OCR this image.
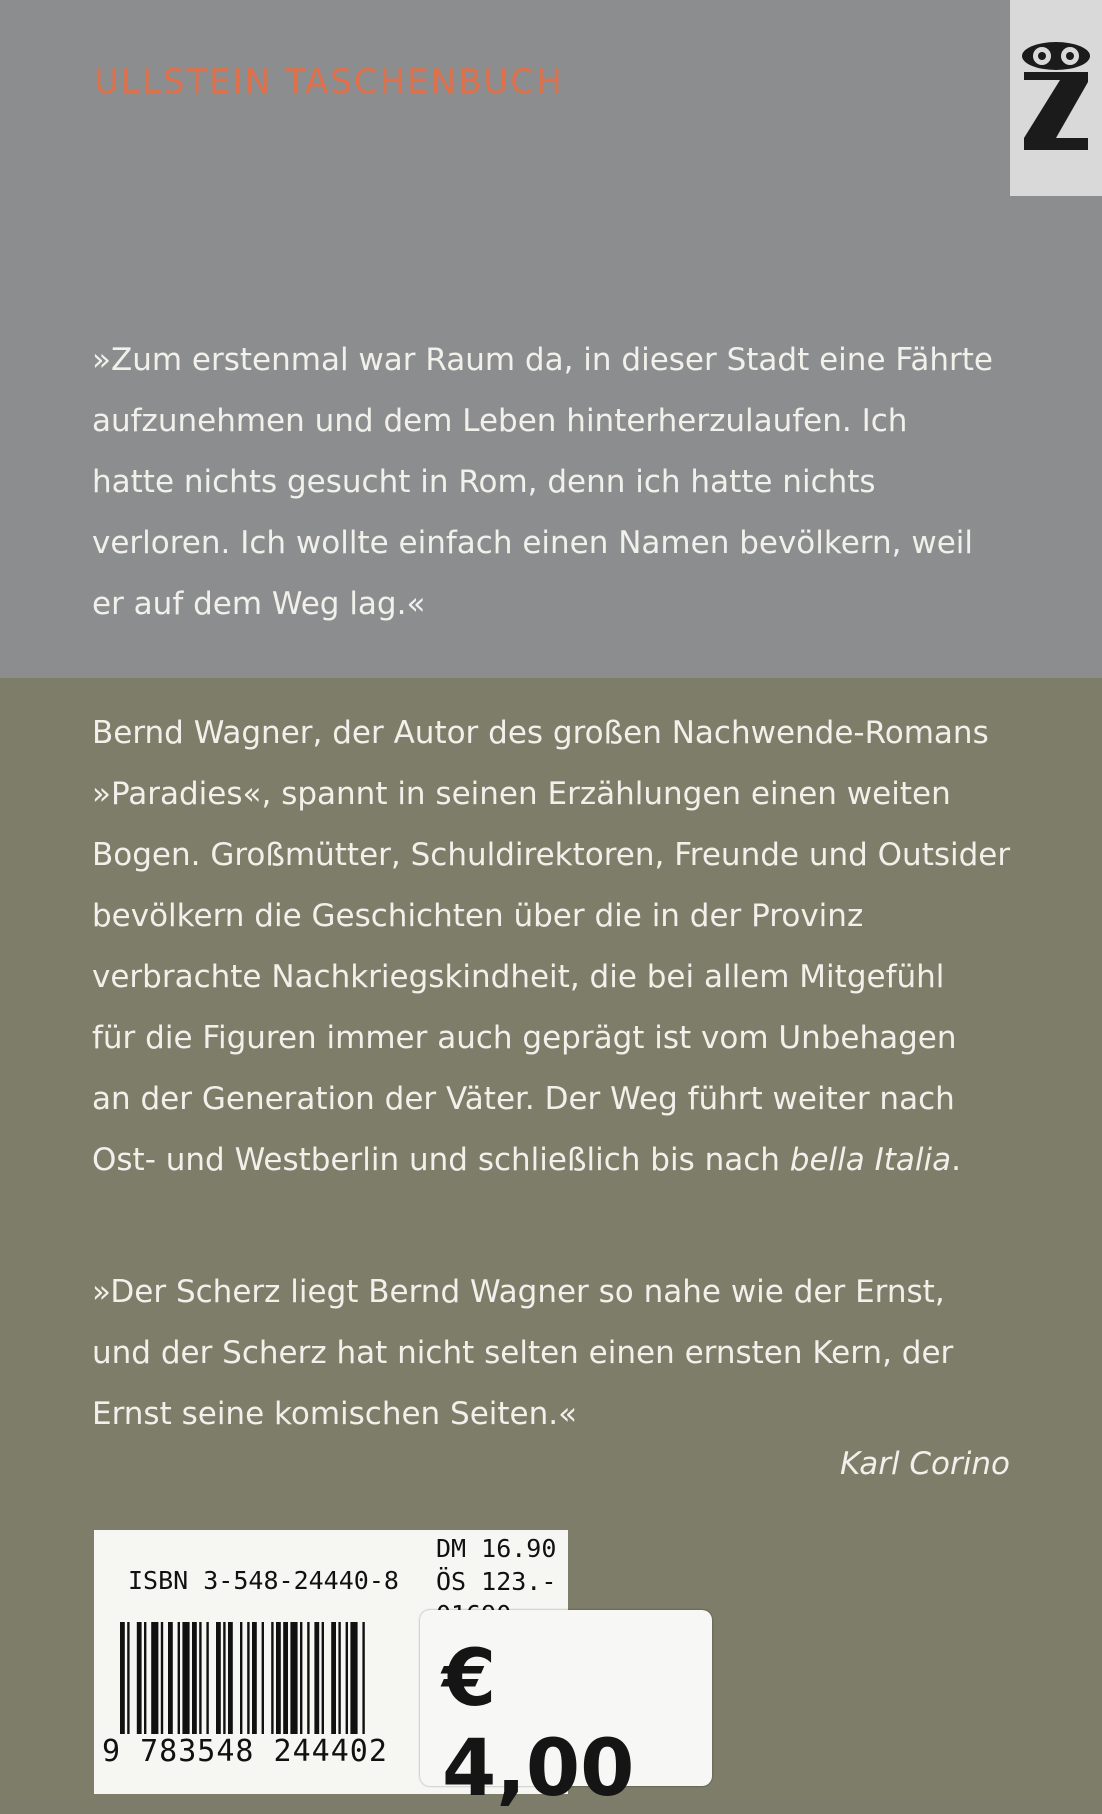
ULLSTEIN TASCHENBUCH

»Zum erstenmal war Raum da, in dieser Stadt eine Fährte

aufzunehmen und dem Leben hinterherzulaufen. Ich

hatte nichts gesucht in Rom, denn ich hatte nichts

verloren. Ich wollte einfach einen Namen bevölkern, weil

er auf dem Weg lag.«

Bernd Wagner, der Autor des großen Nachwende-Romans

»Paradies«, spannt in seinen Erzählungen einen weiten

Bogen. Großmütter, Schuldirektoren, Freunde und Outsider

bevölkern die Geschichten über die in der Provinz

verbrachte Nachkriegskindheit, die bei allem Mitgefühl

für die Figuren immer auch geprägt ist vom Unbehagen

an der Generation der Väter. Der Weg führt weiter nach

Ost- und Westberlin und schließlich bis nach bella Italia.

»Der Scherz liegt Bernd Wagner so nahe wie der Ernst,

und der Scherz hat nicht selten einen ernsten Kern, der

Ernst seine komischen Seiten.«

Karl Corino
ISBN 3-548-24440-8
9 783548 244402
DM 16.90
ÖS 123.-
€ 4,00
